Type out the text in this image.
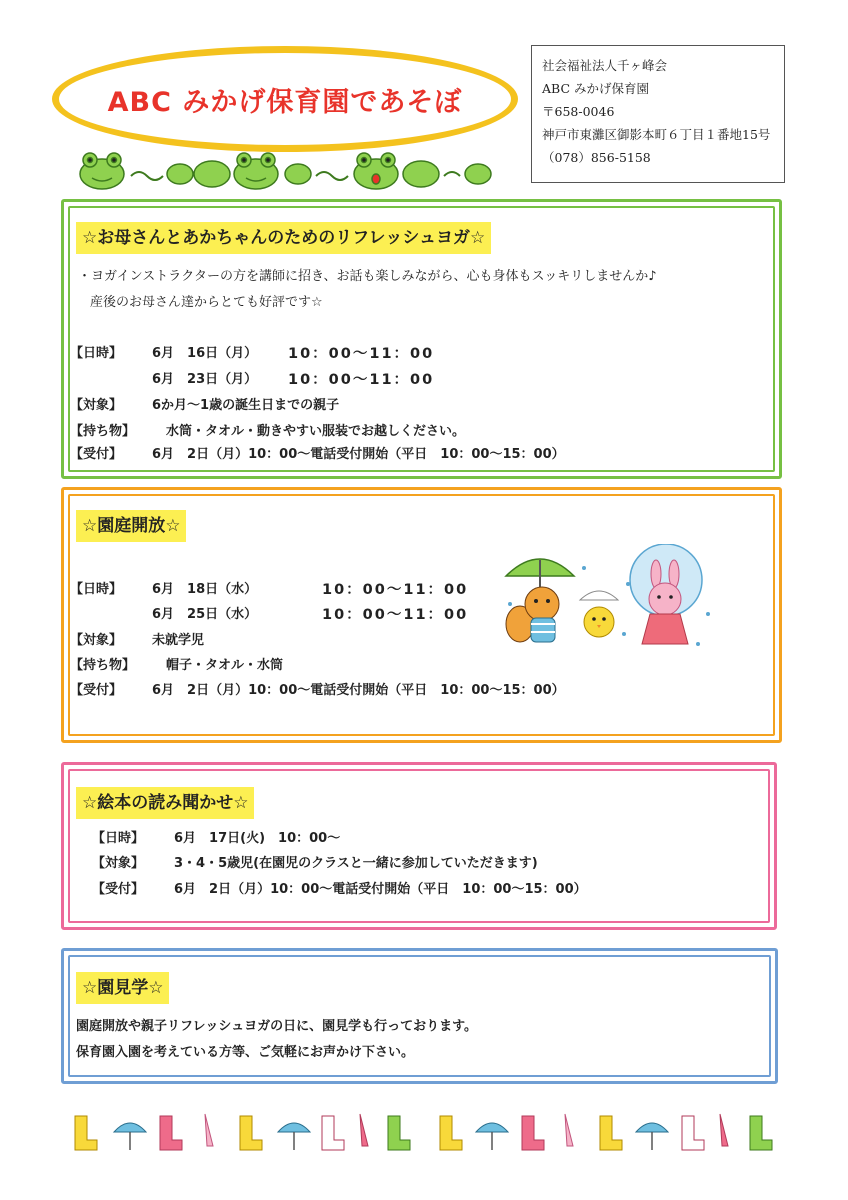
ABC みかげ保育園であそぼ
社会福祉法人千ヶ峰会
ABC みかげ保育園
〒658-0046
神戸市東灘区御影本町６丁目１番地15号
（078）856-5158
☆お母さんとあかちゃんのためのリフレッシュヨガ☆
・ヨガインストラクターの方を講師に招き、お話も楽しみながら、心も身体もスッキリしませんか♪
産後のお母さん達からとても好評です☆
【日時】 6月　16日（月） 10：00～11：00
6月　23日（月） 10：00～11：00
【対象】 6か月～1歳の誕生日までの親子
【持ち物】 水筒・タオル・動きやすい服装でお越しください。
【受付】 6月　2日（月）10：00～電話受付開始（平日　10：00～15：00）
☆園庭開放☆
【日時】 6月　18日（水）	10：00～11：00
6月　25日（水）	10：00～11：00
【対象】 未就学児
【持ち物】 帽子・タオル・水筒
【受付】 6月　2日（月）10：00～電話受付開始（平日　10：00～15：00）
☆絵本の読み聞かせ☆
【日時】 6月　17日(火)　10：00～
【対象】 3・4・5歳児(在園児のクラスと一緒に参加していただきます)
【受付】 6月　2日（月）10：00～電話受付開始（平日　10：00～15：00）
☆園見学☆
園庭開放や親子リフレッシュヨガの日に、園見学も行っております。
保育園入園を考えている方等、ご気軽にお声かけ下さい。
